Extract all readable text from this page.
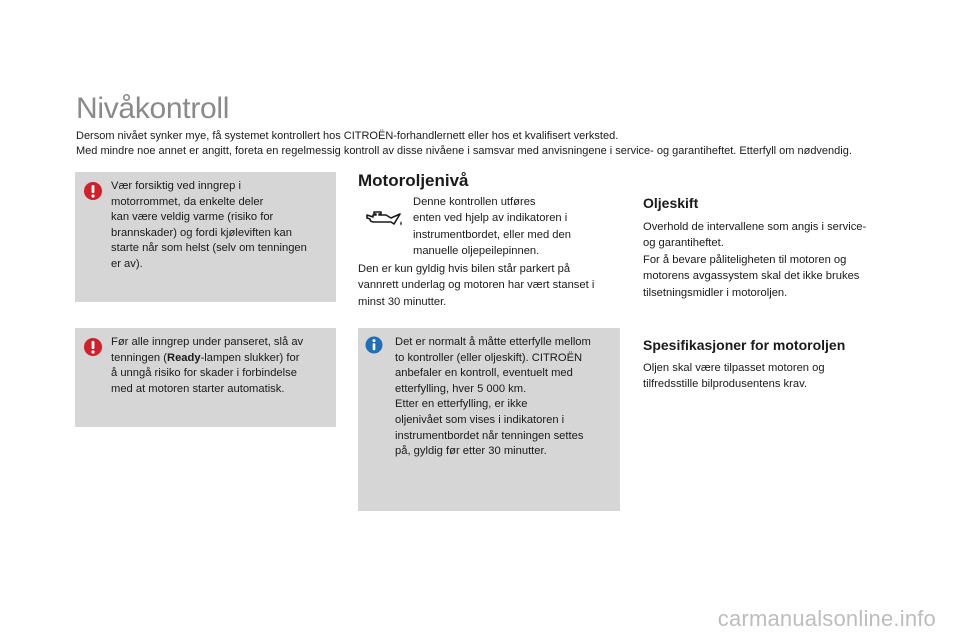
Nivåkontroll
Dersom nivået synker mye, få systemet kontrollert hos CITROËN-forhandlernett eller hos et kvalifisert verksted.
Med mindre noe annet er angitt, foreta en regelmessig kontroll av disse nivåene i samsvar med anvisningene i service- og garantiheftet. Etterfyll om nødvendig.
Vær forsiktig ved inngrep i
motorrommet, da enkelte deler
kan være veldig varme (risiko for
brannskader) og fordi kjøleviften kan
starte når som helst (selv om tenningen
er av).
Før alle inngrep under panseret, slå av
tenningen (Ready-lampen slukker) for
å unngå risiko for skader i forbindelse
med at motoren starter automatisk.
Motoroljenivå
Denne kontrollen utføres
enten ved hjelp av indikatoren i
instrumentbordet, eller med den
manuelle oljepeilepinnen.
Den er kun gyldig hvis bilen står parkert på
vannrett underlag og motoren har vært stanset i
minst 30 minutter.
Det er normalt å måtte etterfylle mellom
to kontroller (eller oljeskift). CITROËN
anbefaler en kontroll, eventuelt med
etterfylling, hver 5 000 km.
Etter en etterfylling, er ikke
oljenivået som vises i indikatoren i
instrumentbordet når tenningen settes
på, gyldig før etter 30 minutter.
Oljeskift
Overhold de intervallene som angis i service-
og garantiheftet.
For å bevare påliteligheten til motoren og
motorens avgassystem skal det ikke brukes
tilsetningsmidler i motoroljen.
Spesifikasjoner for motoroljen
Oljen skal være tilpasset motoren og
tilfredsstille bilprodusentens krav.
carmanualsonline.info
